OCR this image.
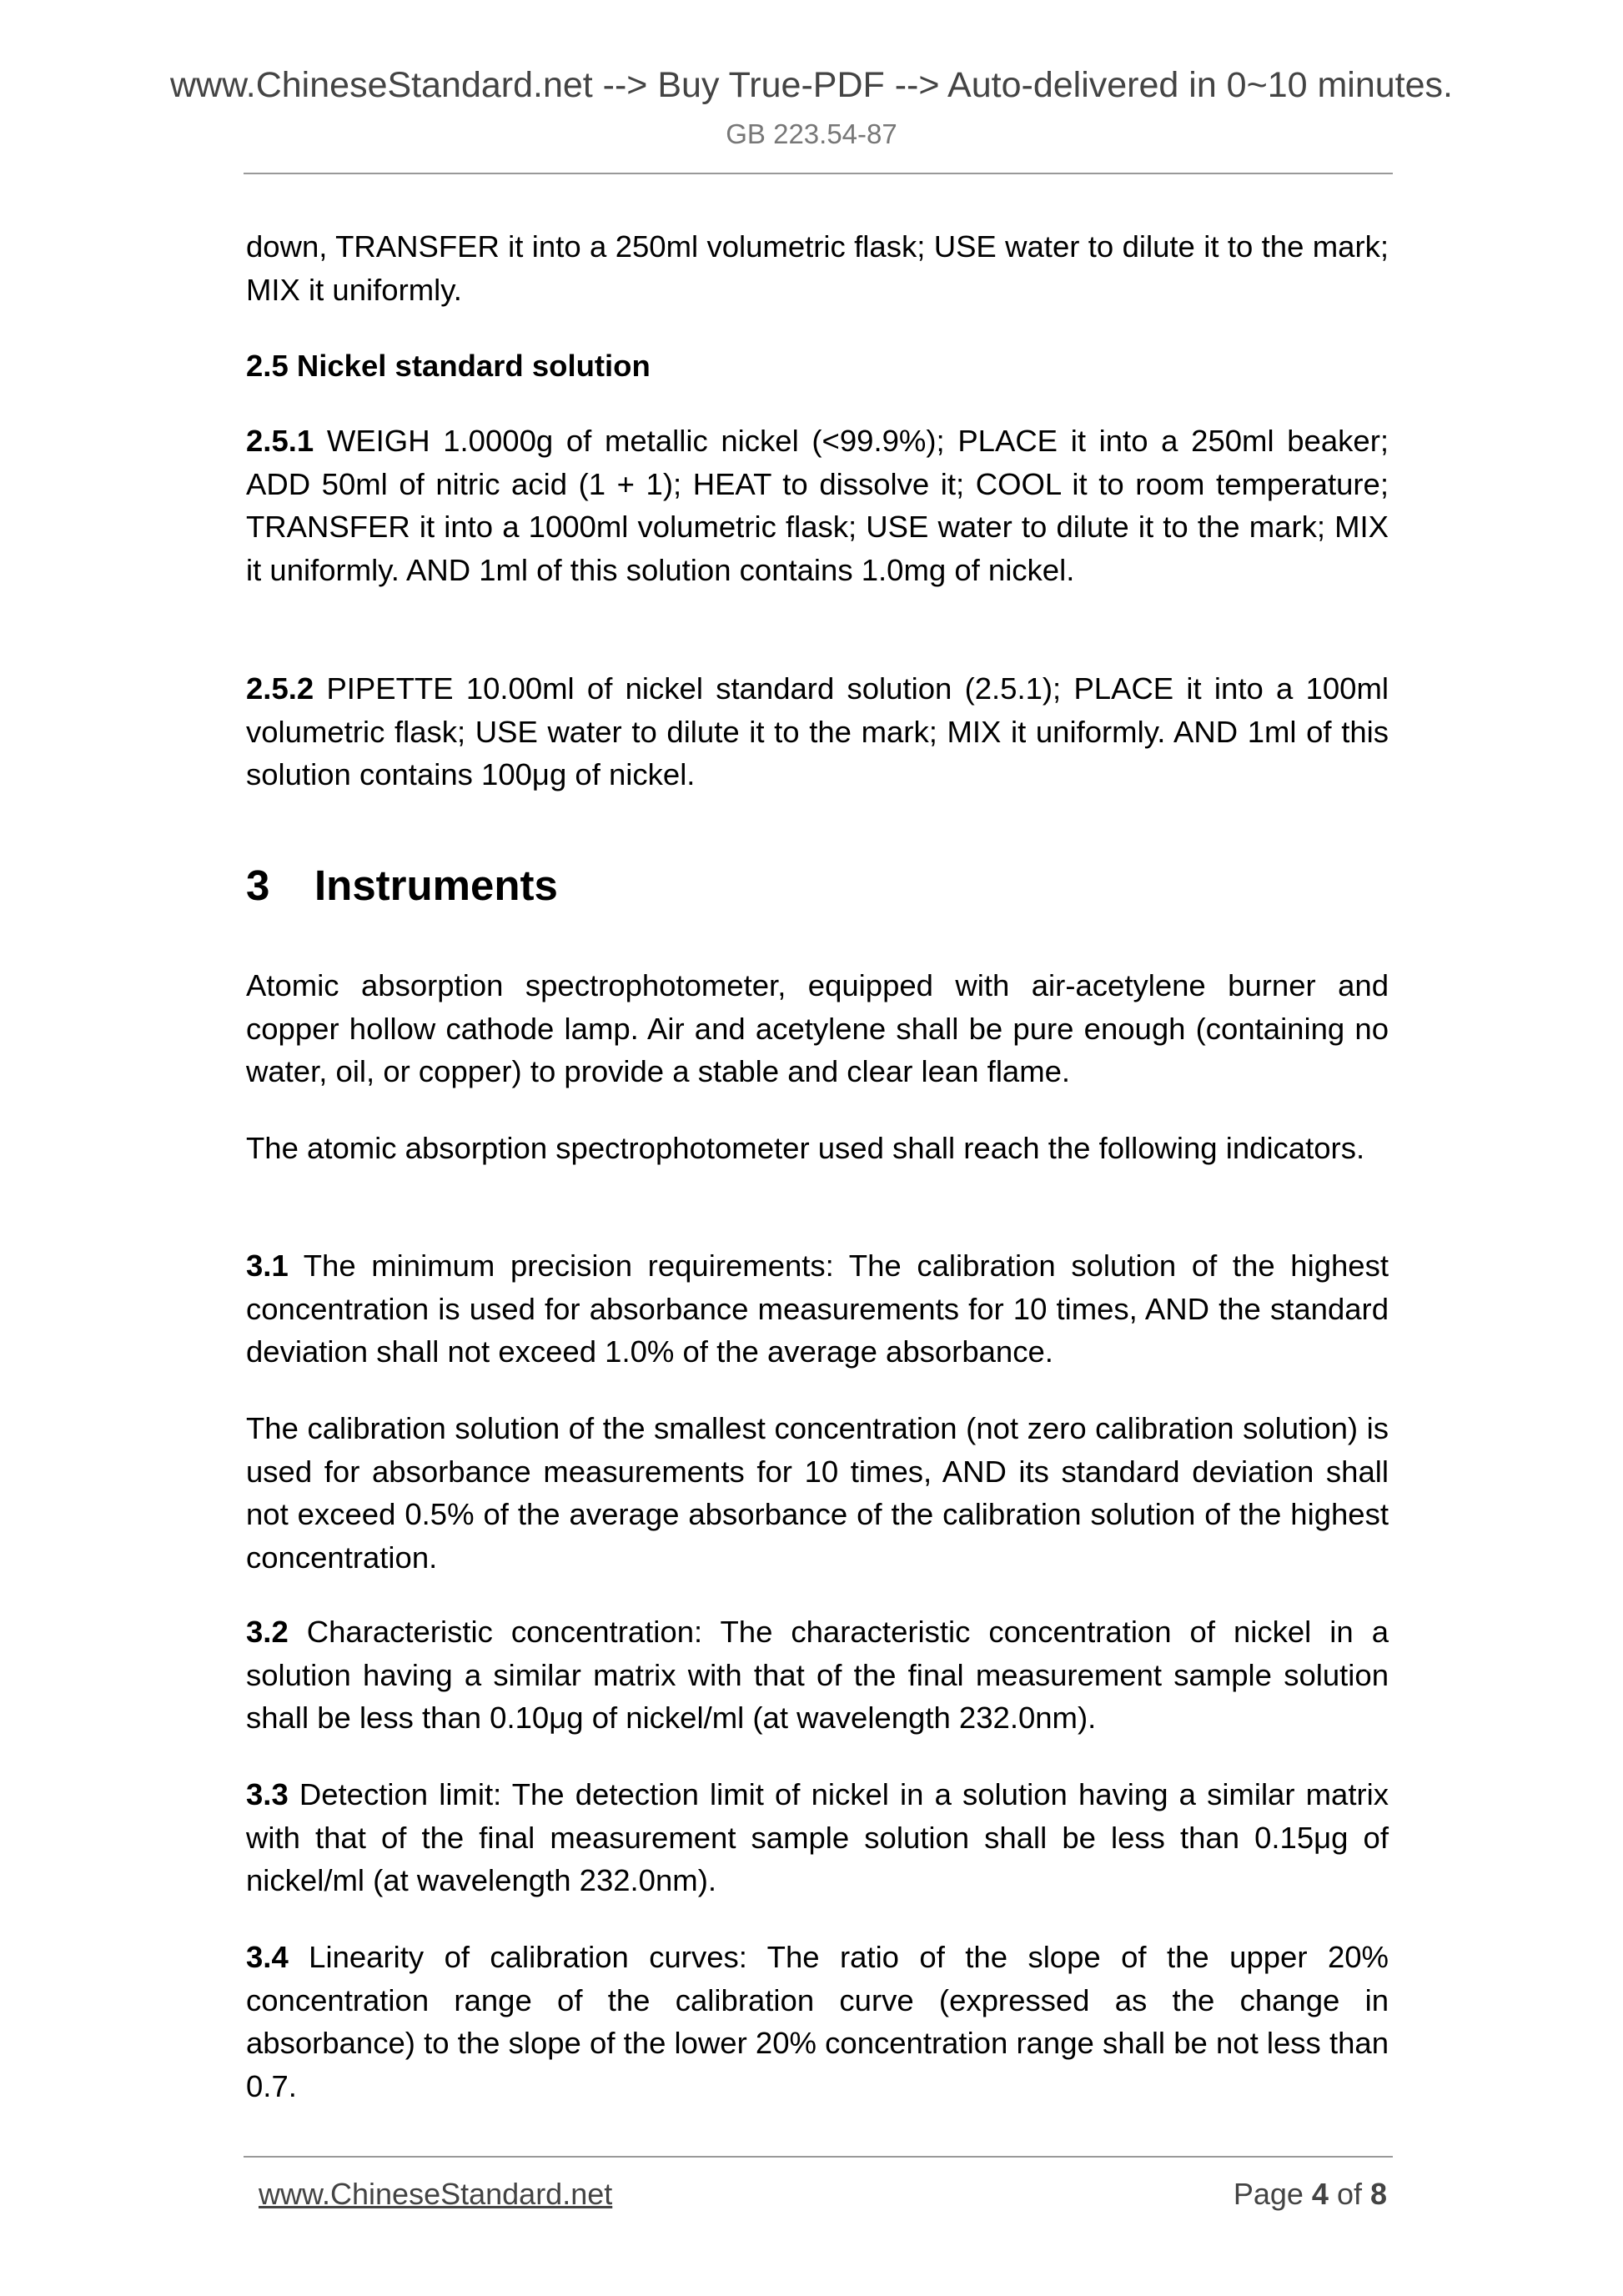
www.ChineseStandard.net --> Buy True-PDF --> Auto-delivered in 0~10 minutes.
GB 223.54-87
down, TRANSFER it into a 250ml volumetric flask; USE water to dilute it to the mark; MIX it uniformly.
2.5 Nickel standard solution
2.5.1 WEIGH 1.0000g of metallic nickel (<99.9%); PLACE it into a 250ml beaker; ADD 50ml of nitric acid (1 + 1); HEAT to dissolve it; COOL it to room temperature; TRANSFER it into a 1000ml volumetric flask; USE water to dilute it to the mark; MIX it uniformly. AND 1ml of this solution contains 1.0mg of nickel.
2.5.2 PIPETTE 10.00ml of nickel standard solution (2.5.1); PLACE it into a 100ml volumetric flask; USE water to dilute it to the mark; MIX it uniformly. AND 1ml of this solution contains 100μg of nickel.
3 Instruments
Atomic absorption spectrophotometer, equipped with air-acetylene burner and copper hollow cathode lamp. Air and acetylene shall be pure enough (containing no water, oil, or copper) to provide a stable and clear lean flame.
The atomic absorption spectrophotometer used shall reach the following indicators.
3.1 The minimum precision requirements: The calibration solution of the highest concentration is used for absorbance measurements for 10 times, AND the standard deviation shall not exceed 1.0% of the average absorbance.
The calibration solution of the smallest concentration (not zero calibration solution) is used for absorbance measurements for 10 times, AND its standard deviation shall not exceed 0.5% of the average absorbance of the calibration solution of the highest concentration.
3.2 Characteristic concentration: The characteristic concentration of nickel in a solution having a similar matrix with that of the final measurement sample solution shall be less than 0.10μg of nickel/ml (at wavelength 232.0nm).
3.3 Detection limit: The detection limit of nickel in a solution having a similar matrix with that of the final measurement sample solution shall be less than 0.15μg of nickel/ml (at wavelength 232.0nm).
3.4 Linearity of calibration curves: The ratio of the slope of the upper 20% concentration range of the calibration curve (expressed as the change in absorbance) to the slope of the lower 20% concentration range shall be not less than 0.7.
www.ChineseStandard.net	Page 4 of 8
